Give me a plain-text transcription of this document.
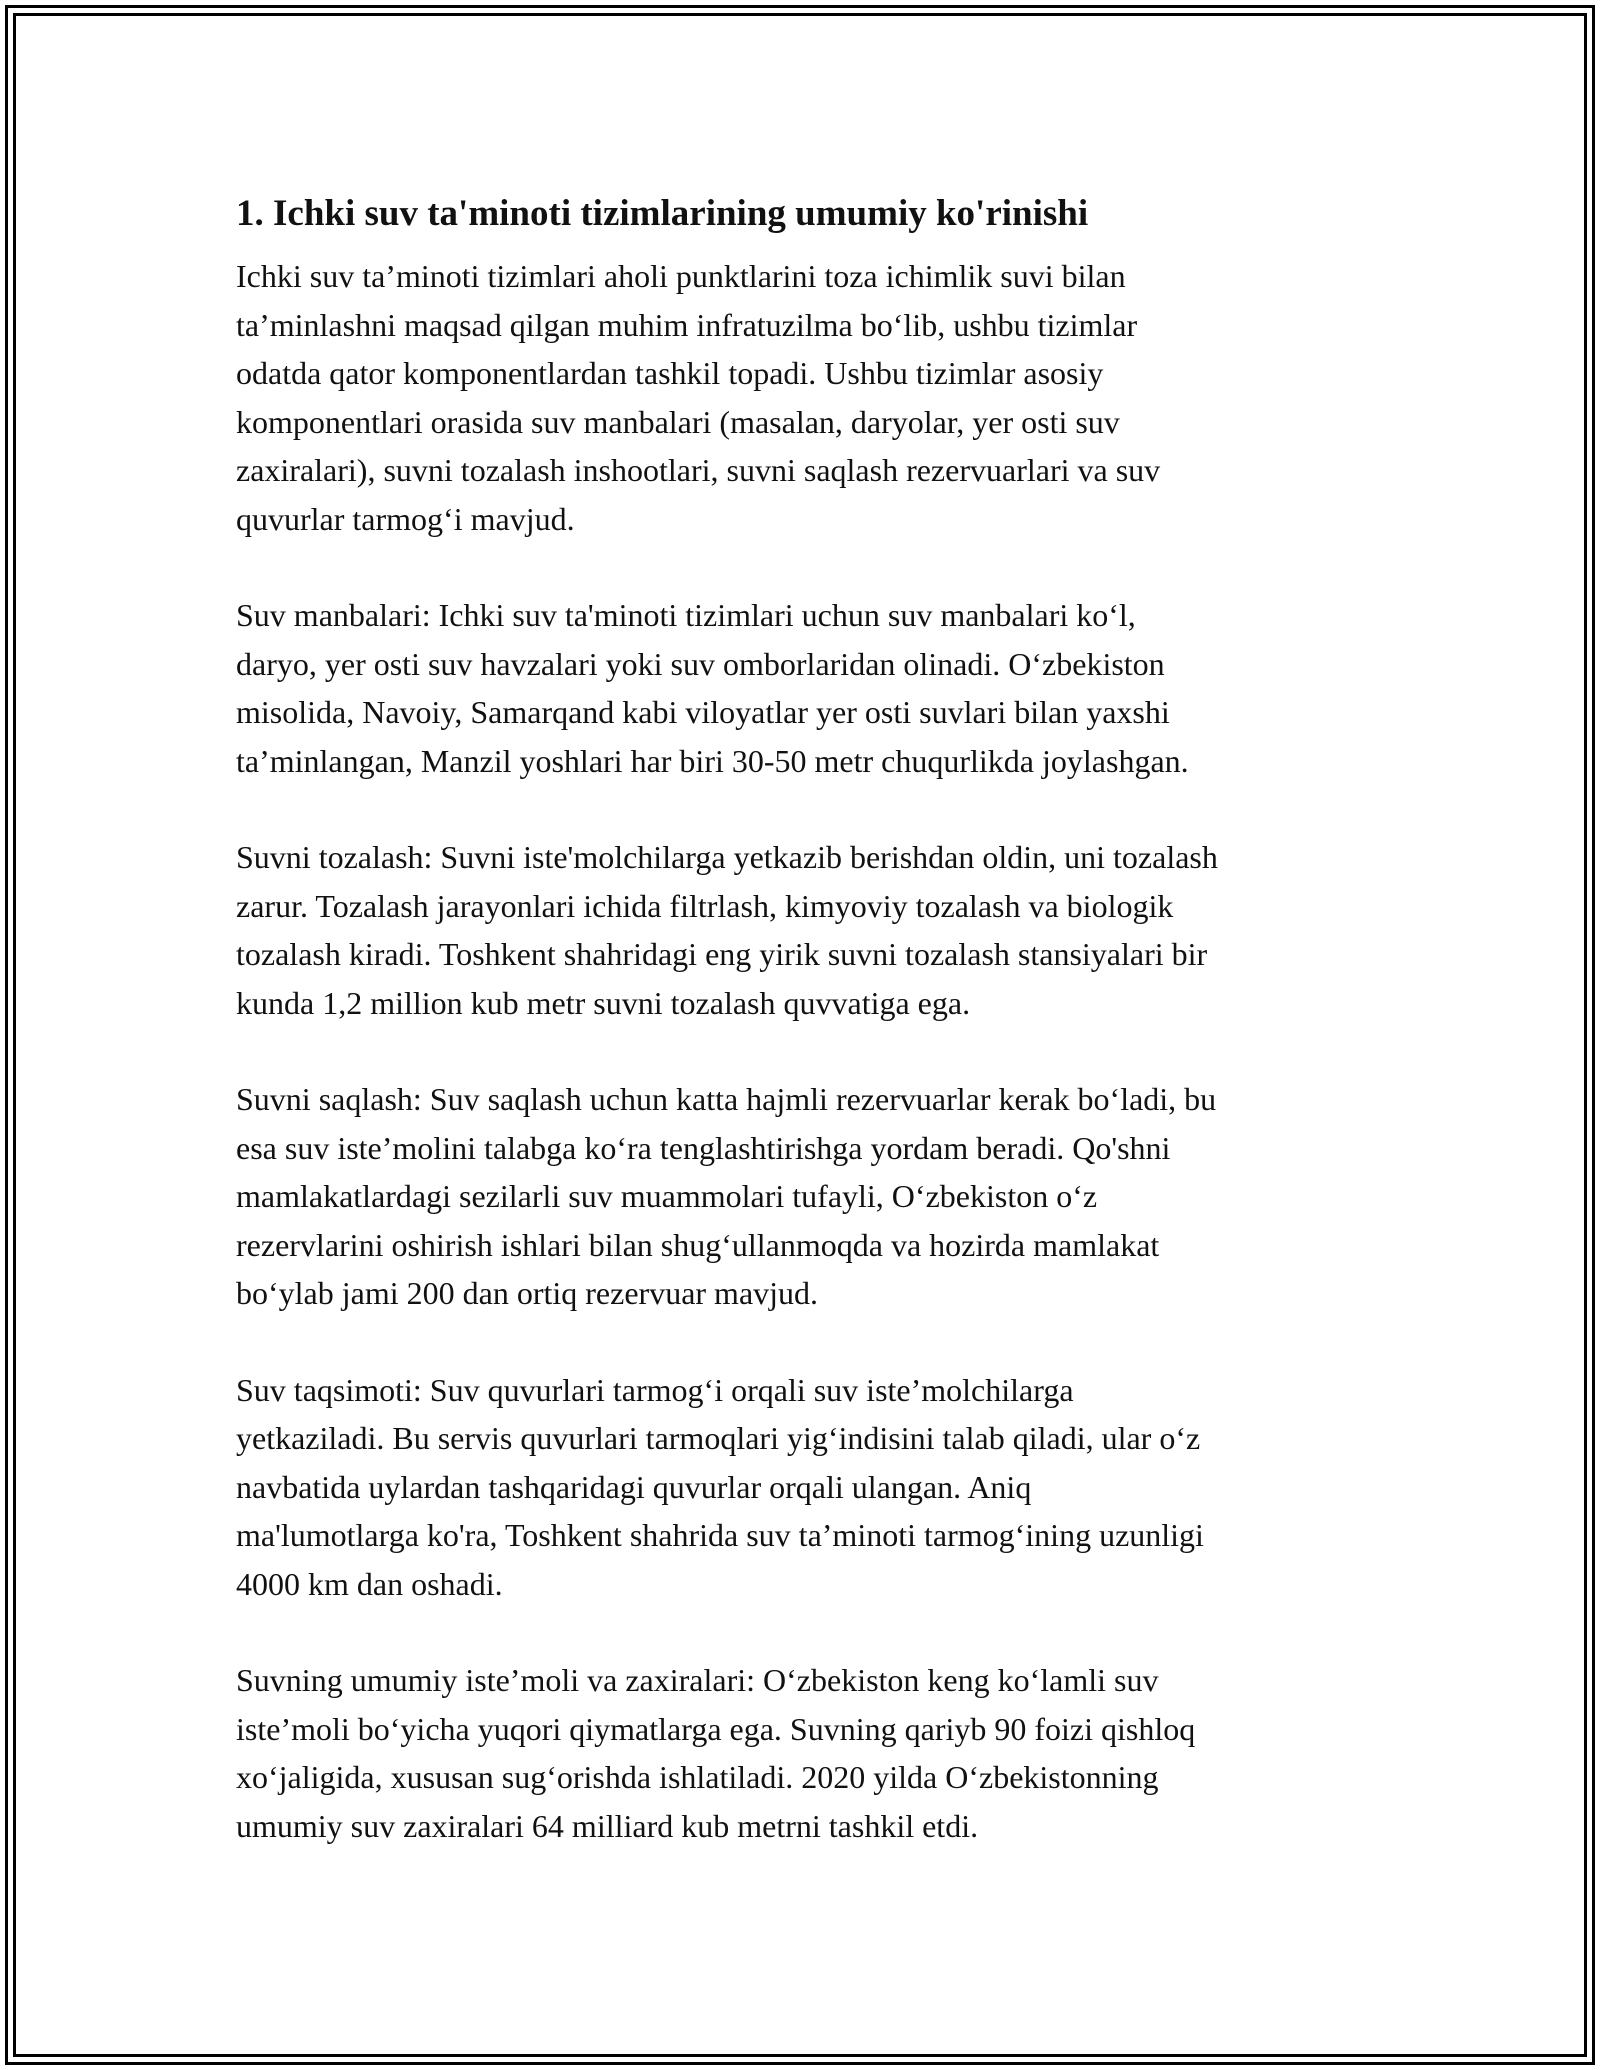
1. Ichki suv ta'minoti tizimlarining umumiy ko'rinishi

Ichki suv ta’minoti tizimlari aholi punktlarini toza ichimlik suvi bilan
ta’minlashni maqsad qilgan muhim infratuzilma bo‘lib, ushbu tizimlar
odatda qator komponentlardan tashkil topadi. Ushbu tizimlar asosiy
komponentlari orasida suv manbalari (masalan, daryolar, yer osti suv
zaxiralari), suvni tozalash inshootlari, suvni saqlash rezervuarlari va suv
quvurlar tarmog‘i mavjud.

Suv manbalari: Ichki suv ta'minoti tizimlari uchun suv manbalari ko‘l,
daryo, yer osti suv havzalari yoki suv omborlaridan olinadi. O‘zbekiston
misolida, Navoiy, Samarqand kabi viloyatlar yer osti suvlari bilan yaxshi
ta’minlangan, Manzil yoshlari har biri 30-50 metr chuqurlikda joylashgan.

Suvni tozalash: Suvni iste'molchilarga yetkazib berishdan oldin, uni tozalash
zarur. Tozalash jarayonlari ichida filtrlash, kimyoviy tozalash va biologik
tozalash kiradi. Toshkent shahridagi eng yirik suvni tozalash stansiyalari bir
kunda 1,2 million kub metr suvni tozalash quvvatiga ega.

Suvni saqlash: Suv saqlash uchun katta hajmli rezervuarlar kerak bo‘ladi, bu
esa suv iste’molini talabga ko‘ra tenglashtirishga yordam beradi. Qo'shni
mamlakatlardagi sezilarli suv muammolari tufayli, O‘zbekiston o‘z
rezervlarini oshirish ishlari bilan shug‘ullanmoqda va hozirda mamlakat
bo‘ylab jami 200 dan ortiq rezervuar mavjud.

Suv taqsimoti: Suv quvurlari tarmog‘i orqali suv iste’molchilarga
yetkaziladi. Bu servis quvurlari tarmoqlari yig‘indisini talab qiladi, ular o‘z
navbatida uylardan tashqaridagi quvurlar orqali ulangan. Aniq
ma'lumotlarga ko'ra, Toshkent shahrida suv ta’minoti tarmog‘ining uzunligi
4000 km dan oshadi.

Suvning umumiy iste’moli va zaxiralari: O‘zbekiston keng ko‘lamli suv
iste’moli bo‘yicha yuqori qiymatlarga ega. Suvning qariyb 90 foizi qishloq
xo‘jaligida, xususan sug‘orishda ishlatiladi. 2020 yilda O‘zbekistonning
umumiy suv zaxiralari 64 milliard kub metrni tashkil etdi.
